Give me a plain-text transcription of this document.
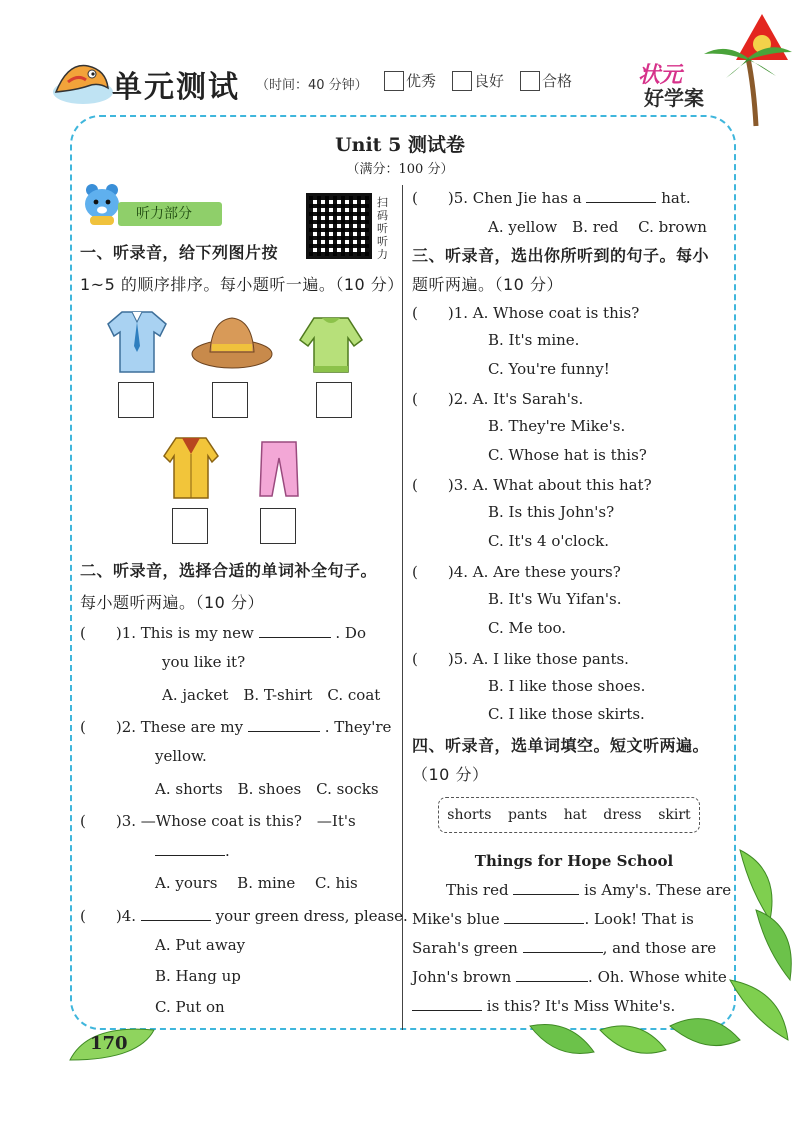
单元测试 （时间：40 分钟）	优秀	良好	合格	状元
好学案
Unit 5 测试卷
（满分：100 分）
听力部分
扫码听听力
一、听录音，给下列图片按
1~5 的顺序排序。每小题听一遍。（10 分）
二、听录音，选择合适的单词补全句子。
每小题听两遍。（10 分）
(　　)1. This is my new	. Do
you like it?
A. jacket　B. T-shirt　C. coat
(　　)2. These are my	. They're
yellow.
A. shorts　B. shoes　C. socks
(　　)3. —Whose coat is this?　—It's
.
A. yours　 B. mine　 C. his
(　　)4.	your green dress, please.
A. Put away
B. Hang up
C. Put on
(　　)5. Chen Jie has a	hat.
A. yellow　B. red　 C. brown
三、听录音，选出你所听到的句子。每小
题听两遍。（10 分）
(　　)1. A. Whose coat is this?
B. It's mine.
C. You're funny!
(　　)2. A. It's Sarah's.
B. They're Mike's.
C. Whose hat is this?
(　　)3. A. What about this hat?
B. Is this John's?
C. It's 4 o'clock.
(　　)4. A. Are these yours?
B. It's Wu Yifan's.
C. Me too.
(　　)5. A. I like those pants.
B. I like those shoes.
C. I like those skirts.
四、听录音，选单词填空。短文听两遍。
（10 分）
shorts pants hat dress skirt
Things for Hope School
This red	is Amy's. These are
Mike's blue	. Look! That is
Sarah's green	, and those are
John's brown	. Oh. Whose white
is this? It's Miss White's.
170
